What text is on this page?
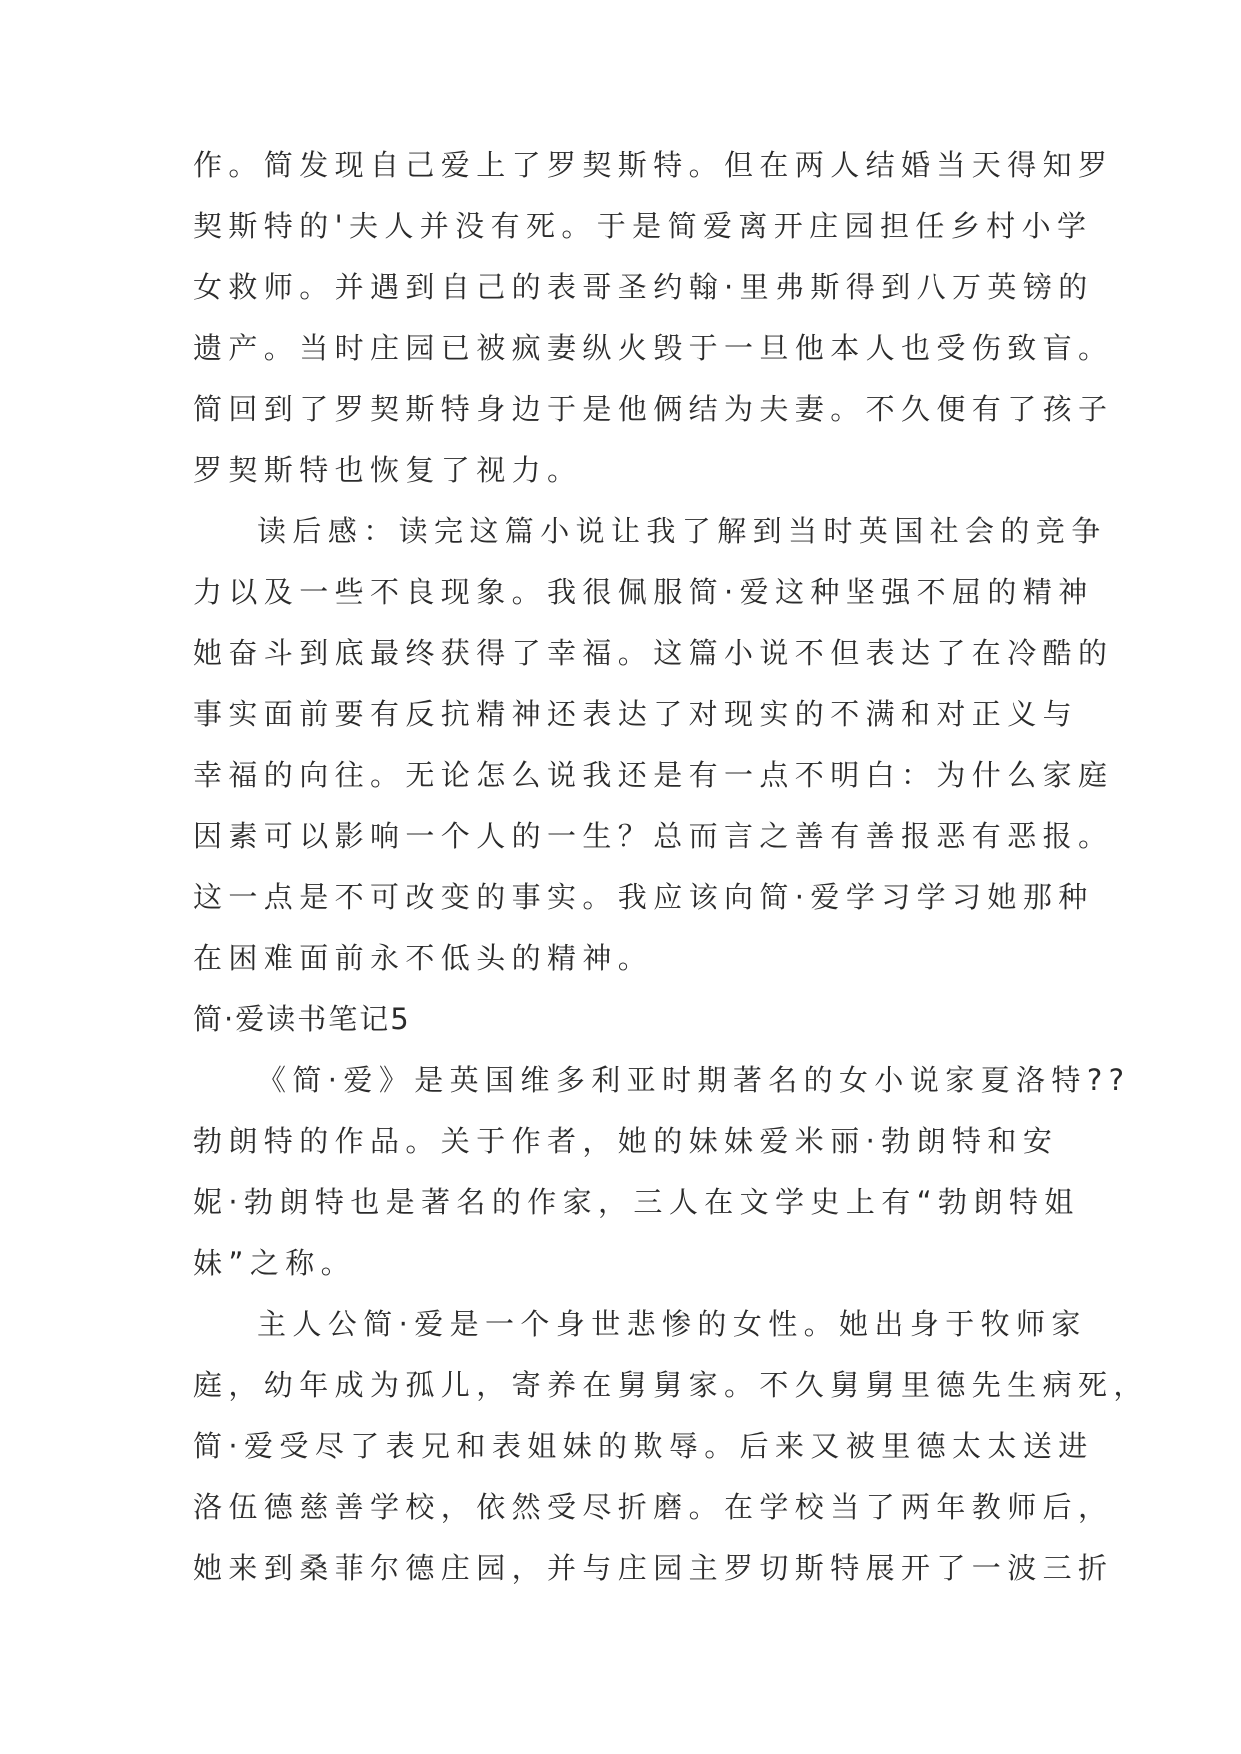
作。简发现自己爱上了罗契斯特。但在两人结婚当天得知罗
契斯特的'夫人并没有死。于是简爱离开庄园担任乡村小学
女救师。并遇到自己的表哥圣约翰·里弗斯得到八万英镑的
遗产。当时庄园已被疯妻纵火毁于一旦他本人也受伤致盲。
简回到了罗契斯特身边于是他俩结为夫妻。不久便有了孩子
罗契斯特也恢复了视力。
读后感：读完这篇小说让我了解到当时英国社会的竞争
力以及一些不良现象。我很佩服简·爱这种坚强不屈的精神
她奋斗到底最终获得了幸福。这篇小说不但表达了在冷酷的
事实面前要有反抗精神还表达了对现实的不满和对正义与
幸福的向往。无论怎么说我还是有一点不明白：为什么家庭
因素可以影响一个人的一生？总而言之善有善报恶有恶报。
这一点是不可改变的事实。我应该向简·爱学习学习她那种
在困难面前永不低头的精神。
简·爱读书笔记5
《简·爱》是英国维多利亚时期著名的女小说家夏洛特??
勃朗特的作品。关于作者，她的妹妹爱米丽·勃朗特和安
妮·勃朗特也是著名的作家，三人在文学史上有“勃朗特姐
妹”之称。
主人公简·爱是一个身世悲惨的女性。她出身于牧师家
庭，幼年成为孤儿，寄养在舅舅家。不久舅舅里德先生病死，
简·爱受尽了表兄和表姐妹的欺辱。后来又被里德太太送进
洛伍德慈善学校，依然受尽折磨。在学校当了两年教师后，
她来到桑菲尔德庄园，并与庄园主罗切斯特展开了一波三折
